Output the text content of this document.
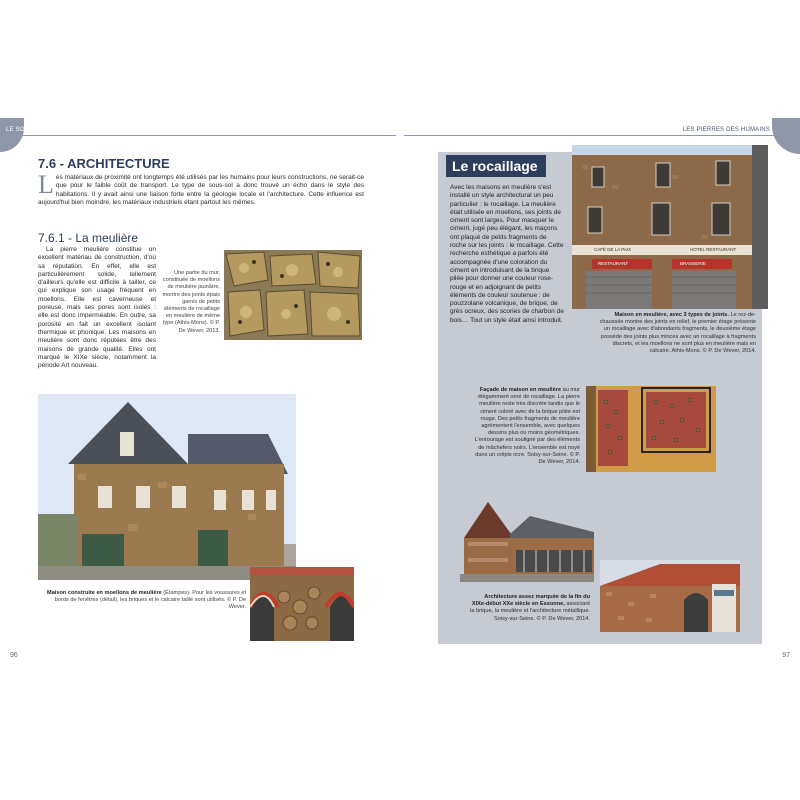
LE SOL, LES HUMAINS	LES PIERRES DES HUMAINS
7.6 - ARCHITECTURE
Les matériaux de proximité ont longtemps été utilisés par les humains pour leurs constructions, ne serait-ce que pour le faible coût de transport. Le type de sous-sol a donc trouvé un écho dans le style des habitations. Il y avait ainsi une liaison forte entre la géologie locale et l'architecture. Cette influence est aujourd'hui bien moindre, les matériaux industriels étant partout les mêmes.
7.6.1 - La meulière
La pierre meulière constitue un excellent matériau de construction, d'où sa réputation. En effet, elle est particulièrement solide, tellement d'ailleurs qu'elle est difficile à tailler, ce qui explique son usage fréquent en moellons. Elle est caverneuse et poreuse, mais ses pores sont isolés : elle est donc imperméable. En outre, sa porosité en fait un excellent isolant thermique et phonique. Les maisons en meulière sont donc réputées être des maisons de grande qualité. Elles ont marqué le XIXe siècle, notamment la période Art nouveau.
Une partie du mur, constituée de moellons de meulière jaunâtre, montre des joints épais garnis de petits éléments de rocaillage en meulière de même type (Athis-Mons). © P. De Wever, 2013.
Maison construite en moellons de meulière (Étampes). Pour les voussures et bords de fenêtres (détail), les briques et le calcaire taillé sont utilisés. © P. De Wever.
96
Le rocaillage
Avec les maisons en meulière s'est installé un style architectural un peu particulier : le rocaillage. La meulière était utilisée en moellons, ses joints de ciment sont larges. Pour masquer le ciment, jugé peu élégant, les maçons ont plaqué de petits fragments de roche sur les joints : le rocaillage. Cette recherche esthétique a parfois été accompagnée d'une coloration du ciment en introduisant de la brique pilée pour donner une couleur rose-rouge et en adjoignant de petits éléments de couleur soutenue : de pouzzolane volcanique, de brique, de grès ocreux, des scories de charbon de bois… Tout un style était ainsi introduit.
CAFÉ DE LA PAIX	HOTEL RESTAURANT
RESTAURANT	BRASSERIE
Maison en meulière, avec 3 types de joints. Le rez-de-chaussée montre des joints en relief, le premier étage présente un rocaillage avec d'abondants fragments, le deuxième étage possède des joints plus minces avec un rocaillage à fragments discrets, et les moellons ne sont plus en meulière mais en calcaire. Athis-Mons. © P. De Wever, 2014.
Façade de maison en meulière au mur élégamment orné de rocaillage. La pierre meulière reste très discrète tandis que le ciment coloré avec de la brique pilée est rouge. Des petits fragments de meulière agrémentent l'ensemble, avec quelques dessins plus ou moins géométriques. L'entourage est souligné par des éléments de mâchefers noirs. L'ensemble est noyé dans un crépis ocre. Soisy-sur-Seine. © P. De Wever, 2014.
Architecture assez marquée de la fin du XIXe-début XXe siècle en Essonne, associant la brique, la meulière et l'architecture métallique. Soisy-sur-Seine. © P. De Wever, 2014.
97
